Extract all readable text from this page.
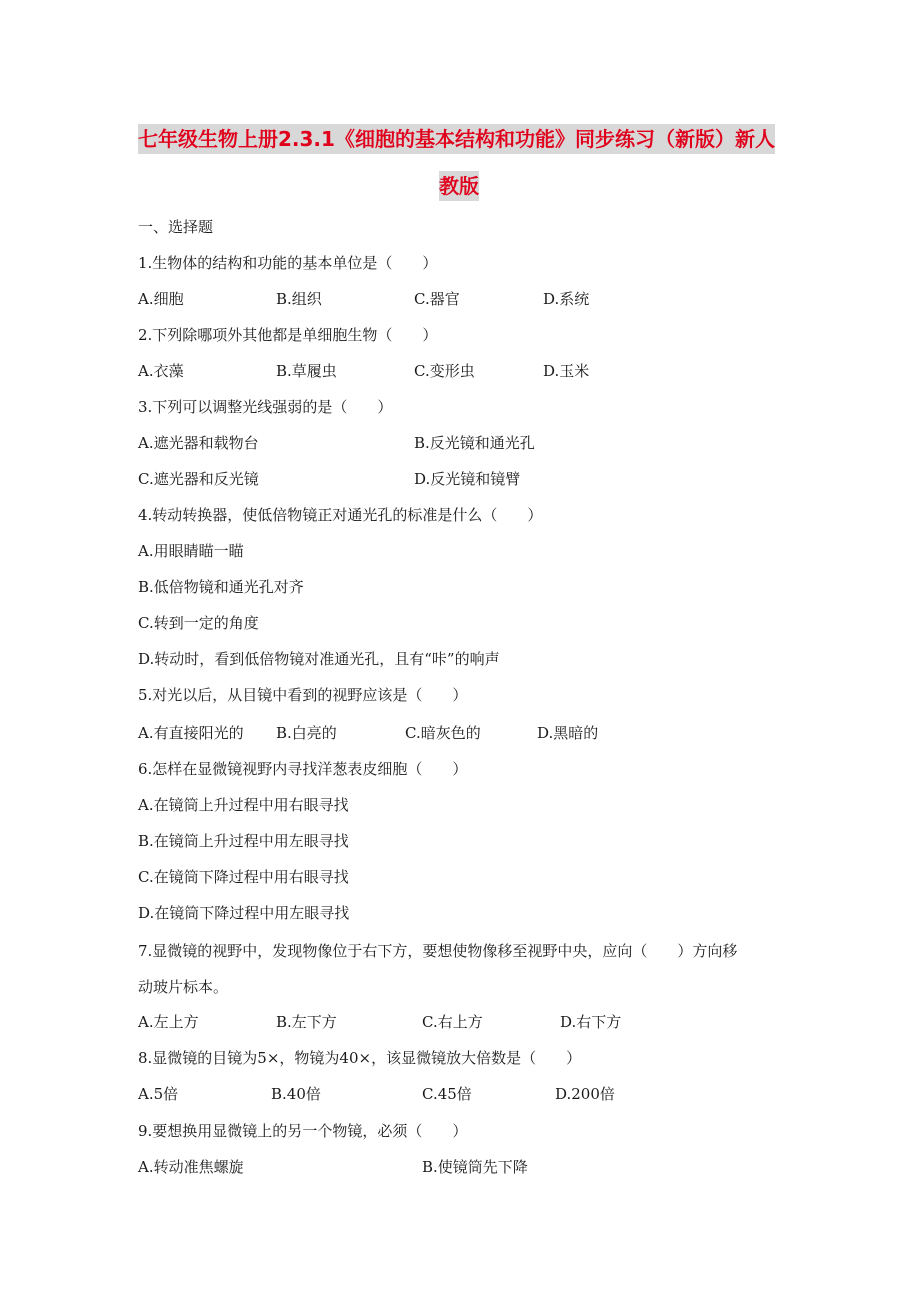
七年级生物上册2.3.1《细胞的基本结构和功能》同步练习（新版）新人
教版
一、选择题
1.生物体的结构和功能的基本单位是（　　）
A.细胞	B.组织	C.器官	D.系统
2.下列除哪项外其他都是单细胞生物（　　）
A.衣藻	B.草履虫	C.变形虫	D.玉米
3.下列可以调整光线强弱的是（　　）
A.遮光器和载物台	B.反光镜和通光孔
C.遮光器和反光镜	D.反光镜和镜臂
4.转动转换器，使低倍物镜正对通光孔的标准是什么（　　）
A.用眼睛瞄一瞄
B.低倍物镜和通光孔对齐
C.转到一定的角度
D.转动时，看到低倍物镜对准通光孔，且有“咔”的响声
5.对光以后，从目镜中看到的视野应该是（　　）
A.有直接阳光的 B.白亮的	C.暗灰色的	D.黑暗的
6.怎样在显微镜视野内寻找洋葱表皮细胞（　　）
A.在镜筒上升过程中用右眼寻找
B.在镜筒上升过程中用左眼寻找
C.在镜筒下降过程中用右眼寻找
D.在镜筒下降过程中用左眼寻找
7.显微镜的视野中，发现物像位于右下方，要想使物像移至视野中央，应向（　　）方向移
动玻片标本。
A.左上方	B.左下方	C.右上方	D.右下方
8.显微镜的目镜为5×，物镜为40×，该显微镜放大倍数是（　　）
A.5倍	B.40倍	C.45倍	D.200倍
9.要想换用显微镜上的另一个物镜，必须（　　）
A.转动准焦螺旋	B.使镜筒先下降
